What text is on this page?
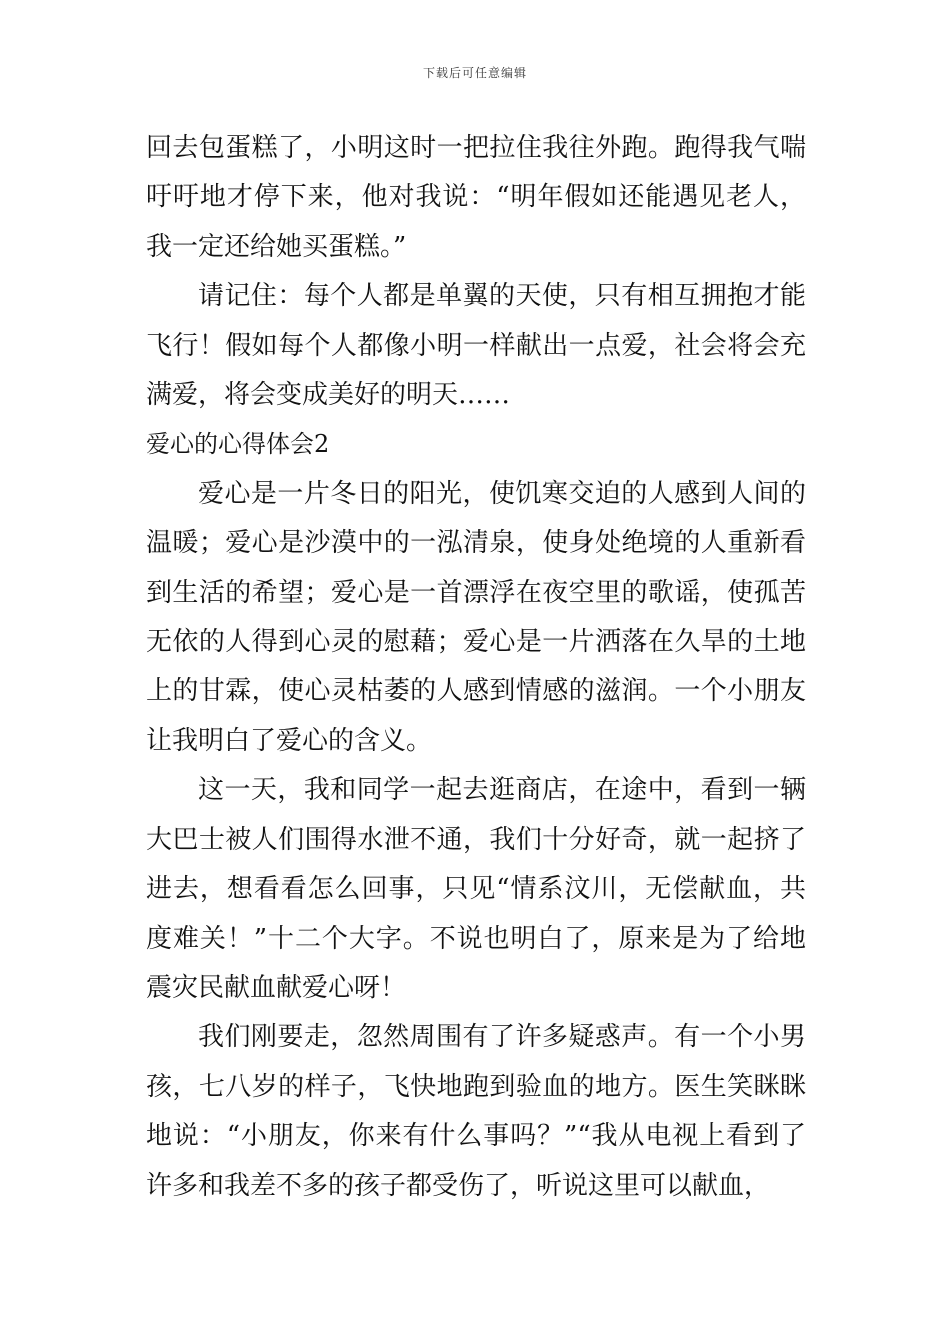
下载后可任意编辑

回去包蛋糕了，小明这时一把拉住我往外跑。跑得我气喘吁吁地才停下来，他对我说：“明年假如还能遇见老人，我一定还给她买蛋糕。”

请记住：每个人都是单翼的天使，只有相互拥抱才能飞行！假如每个人都像小明一样献出一点爱，社会将会充满爱，将会变成美好的明天……

爱心的心得体会2

爱心是一片冬日的阳光，使饥寒交迫的人感到人间的温暖；爱心是沙漠中的一泓清泉，使身处绝境的人重新看到生活的希望；爱心是一首漂浮在夜空里的歌谣，使孤苦无依的人得到心灵的慰藉；爱心是一片洒落在久旱的土地上的甘霖，使心灵枯萎的人感到情感的滋润。一个小朋友让我明白了爱心的含义。

这一天，我和同学一起去逛商店，在途中，看到一辆大巴士被人们围得水泄不通，我们十分好奇，就一起挤了进去，想看看怎么回事，只见“情系汶川，无偿献血，共度难关！”十二个大字。不说也明白了，原来是为了给地震灾民献血献爱心呀！

我们刚要走，忽然周围有了许多疑惑声。有一个小男孩，七八岁的样子，飞快地跑到验血的地方。医生笑眯眯地说：“小朋友，你来有什么事吗？”“我从电视上看到了许多和我差不多的孩子都受伤了，听说这里可以献血，
